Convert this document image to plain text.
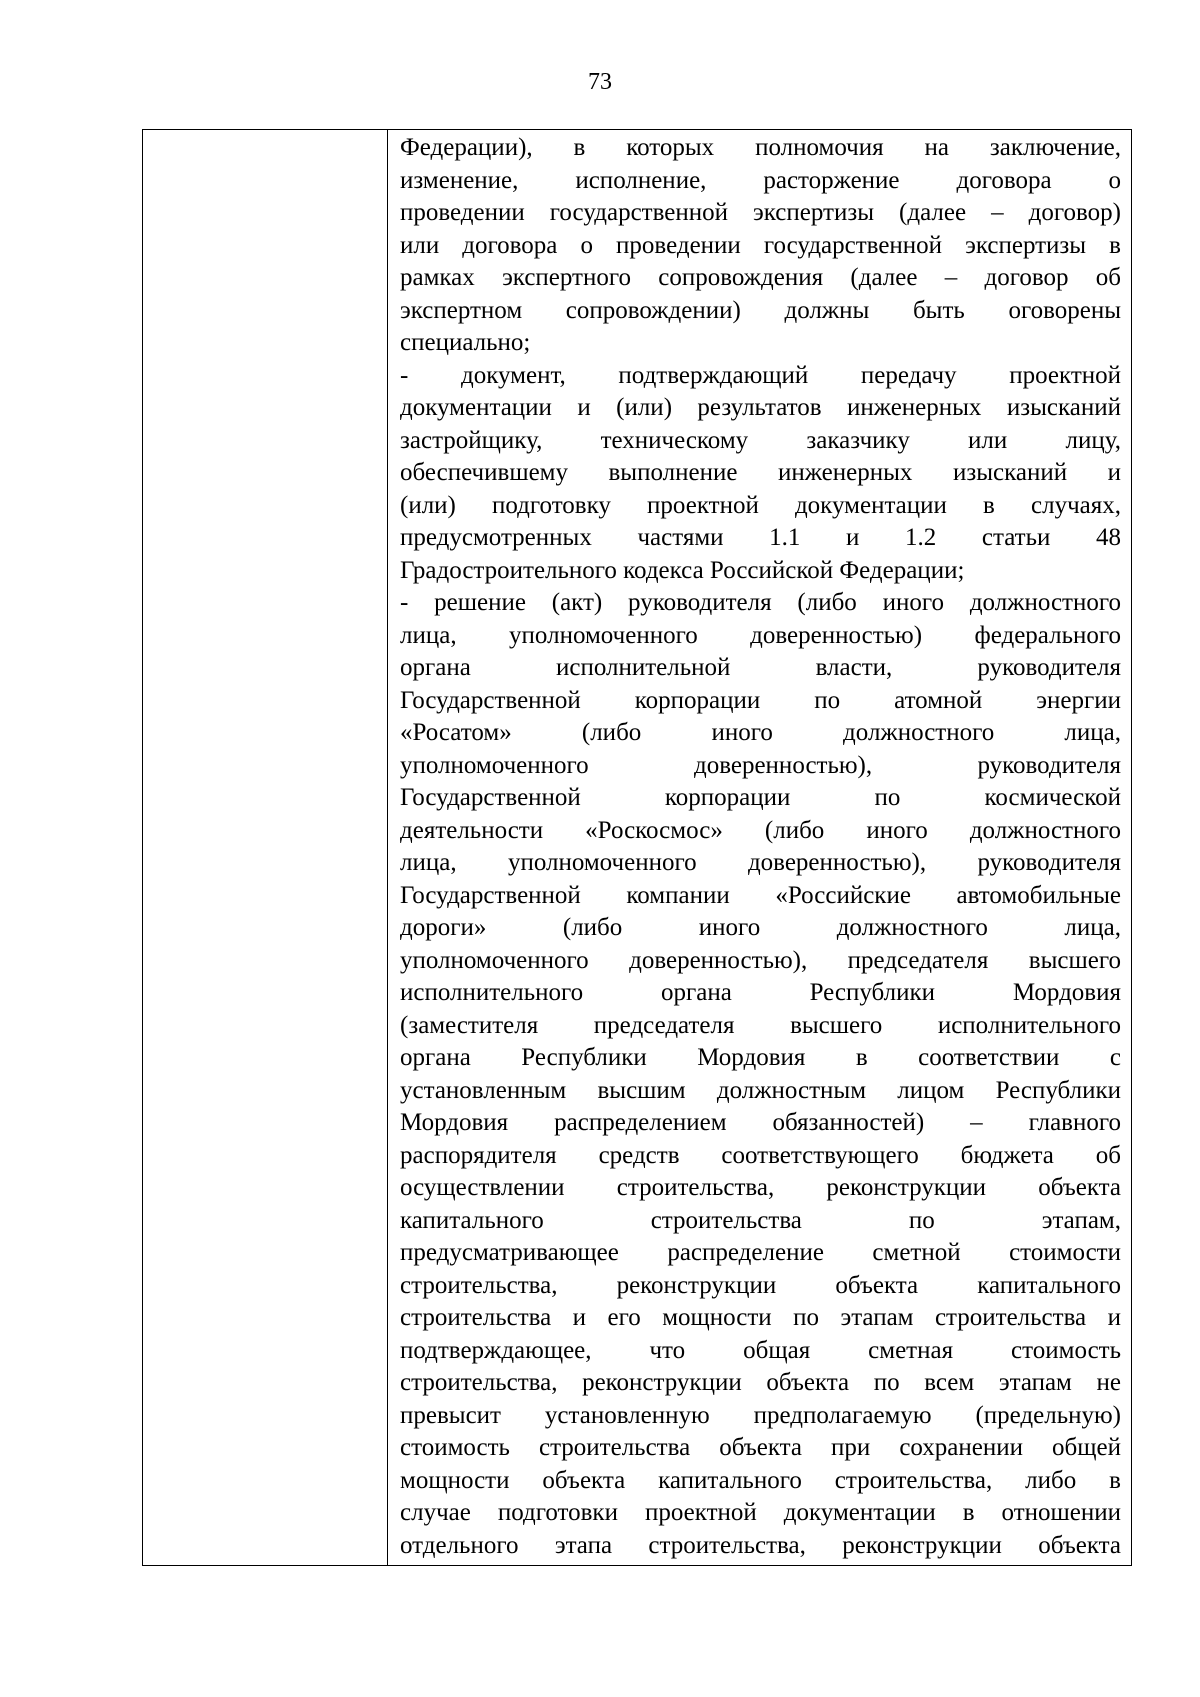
73
Федерации), в которых полномочия на заключение,
изменение, исполнение, расторжение договора о
проведении государственной экспертизы (далее – договор)
или договора о проведении государственной экспертизы в
рамках экспертного сопровождения (далее – договор об
экспертном сопровождении) должны быть оговорены
специально;
- документ, подтверждающий передачу проектной
документации и (или) результатов инженерных изысканий
застройщику, техническому заказчику или лицу,
обеспечившему выполнение инженерных изысканий и
(или) подготовку проектной документации в случаях,
предусмотренных частями 1.1 и 1.2 статьи 48
Градостроительного кодекса Российской Федерации;
- решение (акт) руководителя (либо иного должностного
лица, уполномоченного доверенностью) федерального
органа исполнительной власти, руководителя
Государственной корпорации по атомной энергии
«Росатом» (либо иного должностного лица,
уполномоченного доверенностью), руководителя
Государственной корпорации по космической
деятельности «Роскосмос» (либо иного должностного
лица, уполномоченного доверенностью), руководителя
Государственной компании «Российские автомобильные
дороги» (либо иного должностного лица,
уполномоченного доверенностью), председателя высшего
исполнительного органа Республики Мордовия
(заместителя председателя высшего исполнительного
органа Республики Мордовия в соответствии с
установленным высшим должностным лицом Республики
Мордовия распределением обязанностей) – главного
распорядителя средств соответствующего бюджета об
осуществлении строительства, реконструкции объекта
капитального строительства по этапам,
предусматривающее распределение сметной стоимости
строительства, реконструкции объекта капитального
строительства и его мощности по этапам строительства и
подтверждающее, что общая сметная стоимость
строительства, реконструкции объекта по всем этапам не
превысит установленную предполагаемую (предельную)
стоимость строительства объекта при сохранении общей
мощности объекта капитального строительства, либо в
случае подготовки проектной документации в отношении
отдельного этапа строительства, реконструкции объекта
